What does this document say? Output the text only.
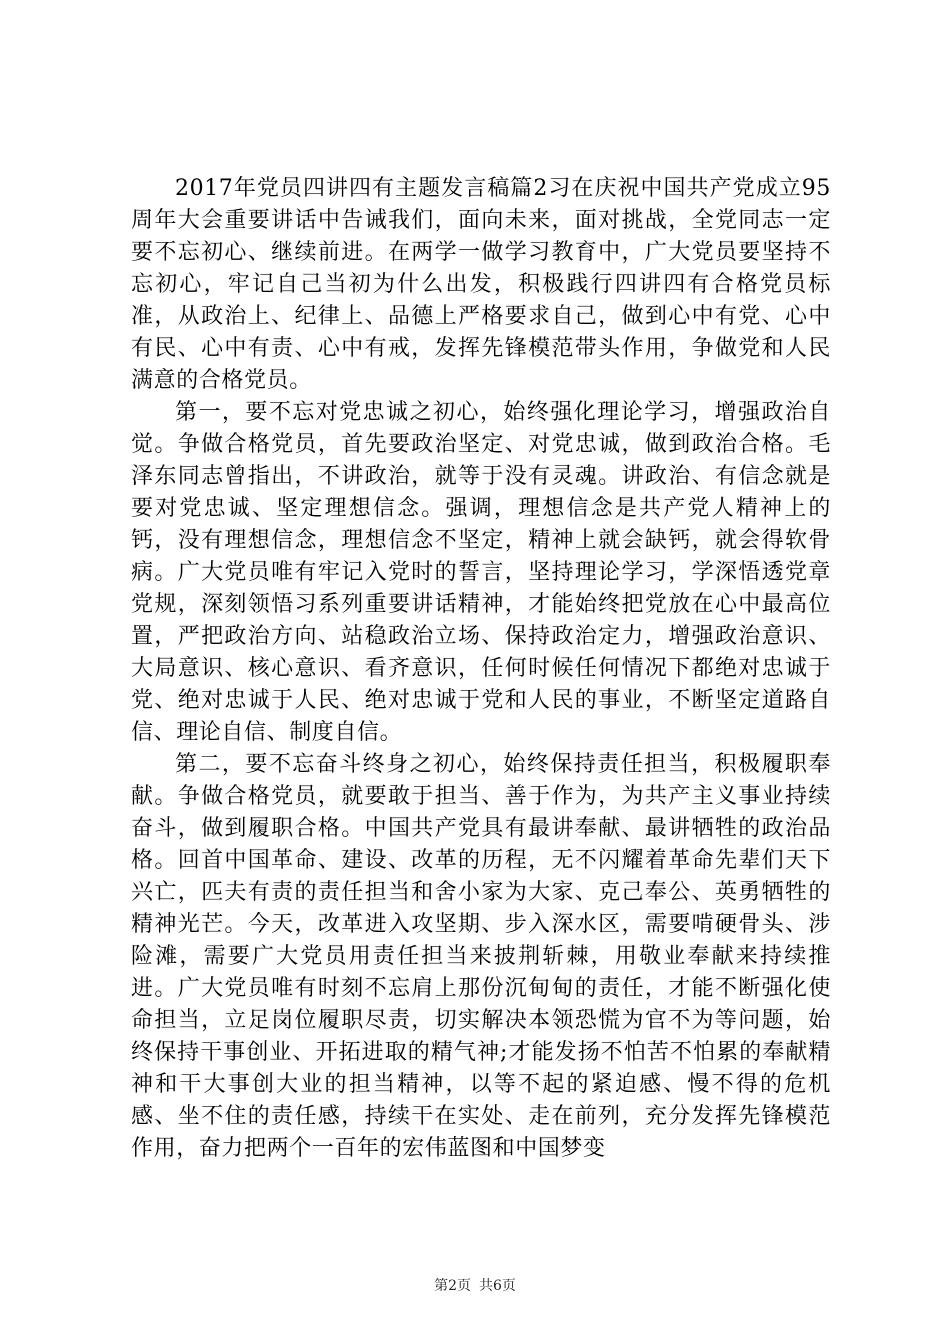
2017年党员四讲四有主题发言稿篇2习在庆祝中国共产党成立95周年大会重要讲话中告诫我们，面向未来，面对挑战，全党同志一定要不忘初心、继续前进。在两学一做学习教育中，广大党员要坚持不忘初心，牢记自己当初为什么出发，积极践行四讲四有合格党员标准，从政治上、纪律上、品德上严格要求自己，做到心中有党、心中有民、心中有责、心中有戒，发挥先锋模范带头作用，争做党和人民满意的合格党员。

第一，要不忘对党忠诚之初心，始终强化理论学习，增强政治自觉。争做合格党员，首先要政治坚定、对党忠诚，做到政治合格。毛泽东同志曾指出，不讲政治，就等于没有灵魂。讲政治、有信念就是要对党忠诚、坚定理想信念。强调，理想信念是共产党人精神上的钙，没有理想信念，理想信念不坚定，精神上就会缺钙，就会得软骨病。广大党员唯有牢记入党时的誓言，坚持理论学习，学深悟透党章党规，深刻领悟习系列重要讲话精神，才能始终把党放在心中最高位置，严把政治方向、站稳政治立场、保持政治定力，增强政治意识、大局意识、核心意识、看齐意识，任何时候任何情况下都绝对忠诚于党、绝对忠诚于人民、绝对忠诚于党和人民的事业，不断坚定道路自信、理论自信、制度自信。

第二，要不忘奋斗终身之初心，始终保持责任担当，积极履职奉献。争做合格党员，就要敢于担当、善于作为，为共产主义事业持续奋斗，做到履职合格。中国共产党具有最讲奉献、最讲牺牲的政治品格。回首中国革命、建设、改革的历程，无不闪耀着革命先辈们天下兴亡，匹夫有责的责任担当和舍小家为大家、克己奉公、英勇牺牲的精神光芒。今天，改革进入攻坚期、步入深水区，需要啃硬骨头、涉险滩，需要广大党员用责任担当来披荆斩棘，用敬业奉献来持续推进。广大党员唯有时刻不忘肩上那份沉甸甸的责任，才能不断强化使命担当，立足岗位履职尽责，切实解决本领恐慌为官不为等问题，始终保持干事创业、开拓进取的精气神;才能发扬不怕苦不怕累的奉献精神和干大事创大业的担当精神，以等不起的紧迫感、慢不得的危机感、坐不住的责任感，持续干在实处、走在前列，充分发挥先锋模范作用，奋力把两个一百年的宏伟蓝图和中国梦变

第2页 共6页
